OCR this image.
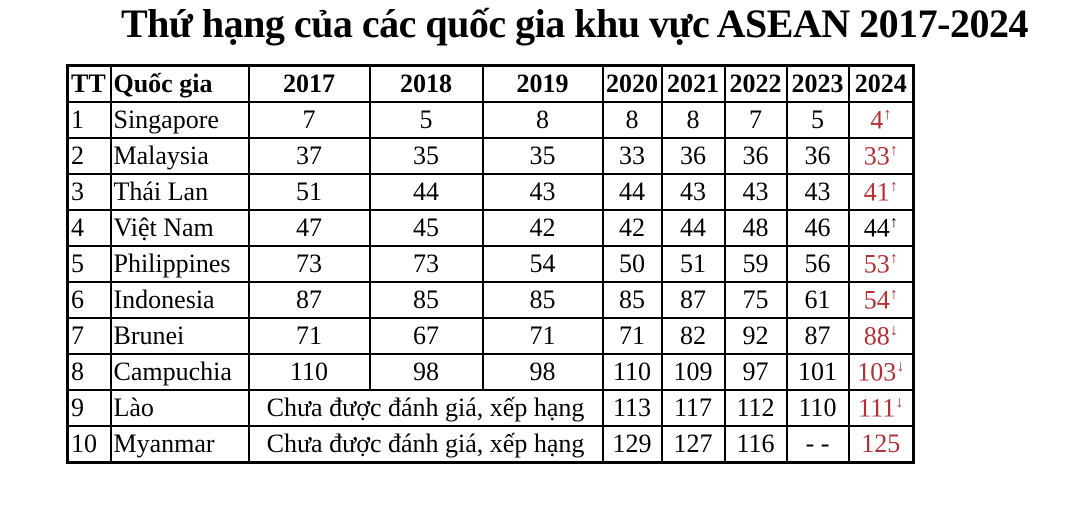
Thứ hạng của các quốc gia khu vực ASEAN 2017-2024
TT	Quốc gia	2017	2018	2019	2020	2021	2022	2023	2024
1	Singapore	7	5	8	8	8	7	5	4↑
2	Malaysia	37	35	35	33	36	36	36	33↑
3	Thái Lan	51	44	43	44	43	43	43	41↑
4	Việt Nam	47	45	42	42	44	48	46	44↑
5	Philippines	73	73	54	50	51	59	56	53↑
6	Indonesia	87	85	85	85	87	75	61	54↑
7	Brunei	71	67	71	71	82	92	87	88↓
8	Campuchia	110	98	98	110	109	97	101	103↓
9	Lào	Chưa được đánh giá, xếp hạng			113	117	112	110	111↓
10	Myanmar	Chưa được đánh giá, xếp hạng			129	127	116	- -	125
